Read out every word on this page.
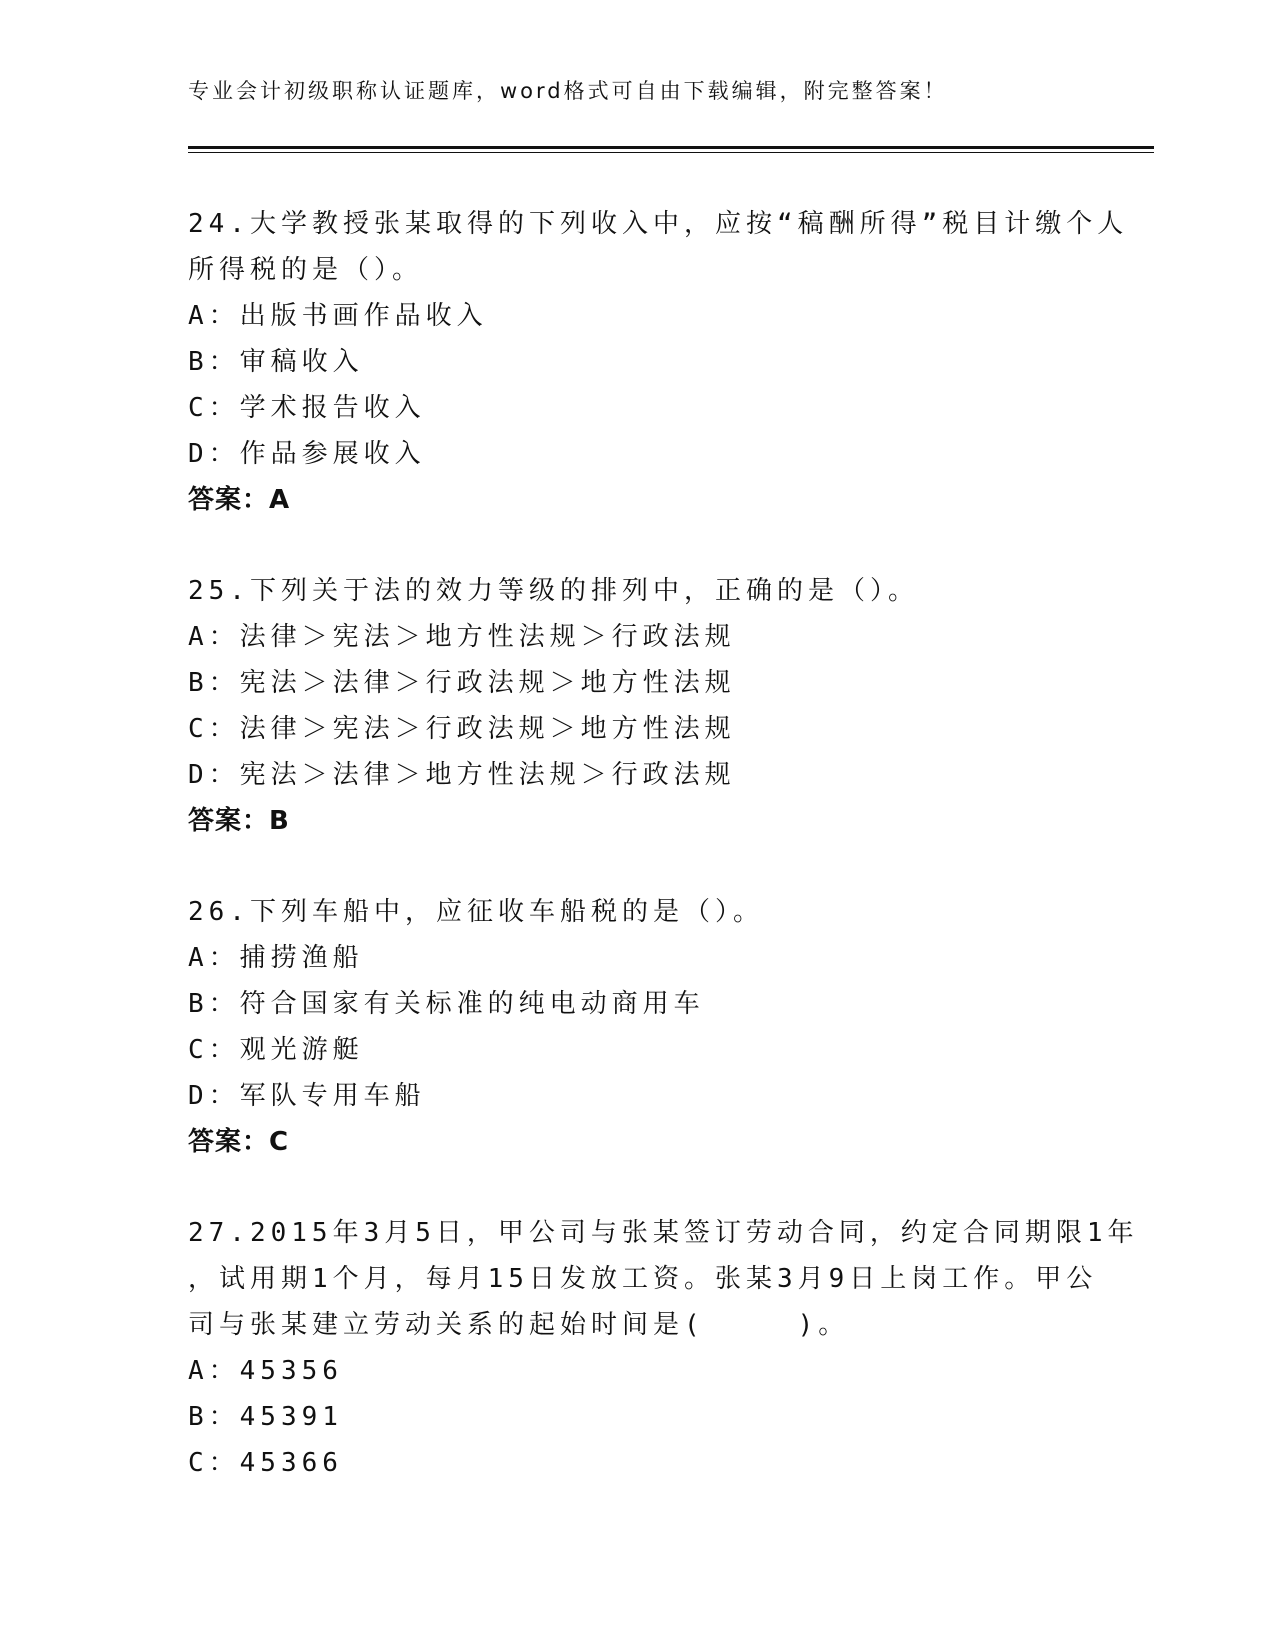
专业会计初级职称认证题库，word格式可自由下载编辑，附完整答案！
24.大学教授张某取得的下列收入中，应按“稿酬所得”税目计缴个人
所得税的是（）。
A：出版书画作品收入
B：审稿收入
C：学术报告收入
D：作品参展收入
答案：A
25.下列关于法的效力等级的排列中，正确的是（）。
A：法律＞宪法＞地方性法规＞行政法规
B：宪法＞法律＞行政法规＞地方性法规
C：法律＞宪法＞行政法规＞地方性法规
D：宪法＞法律＞地方性法规＞行政法规
答案：B
26.下列车船中，应征收车船税的是（）。
A：捕捞渔船
B：符合国家有关标准的纯电动商用车
C：观光游艇
D：军队专用车船
答案：C
27.2015年3月5日，甲公司与张某签订劳动合同，约定合同期限1年
，试用期1个月，每月15日发放工资。张某3月9日上岗工作。甲公
司与张某建立劳动关系的起始时间是(　　　)。
A：45356
B：45391
C：45366
